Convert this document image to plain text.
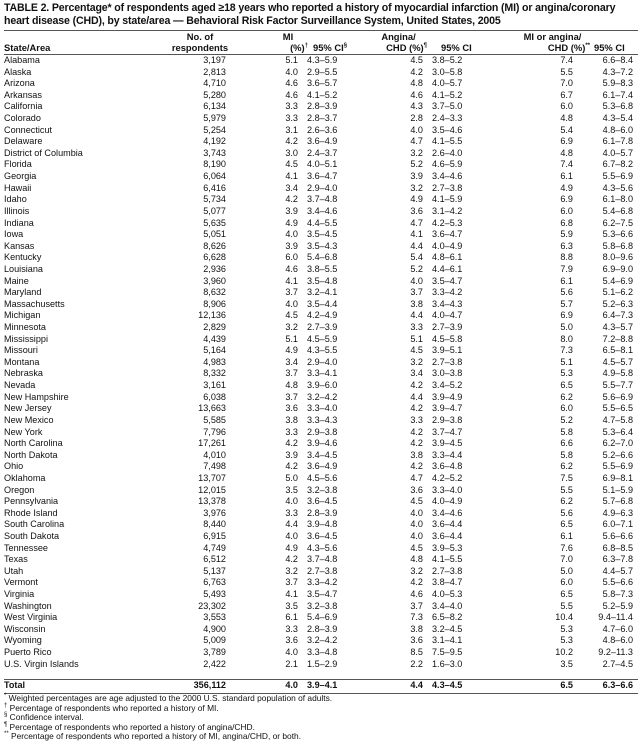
TABLE 2. Percentage* of respondents aged ≥18 years who reported a history of myocardial infarction (MI) or angina/coronary heart disease (CHD), by state/area — Behavioral Risk Factor Surveillance System, United States, 2005
State/Area
No. of
respondents
MI
(%)† 95% CI§
Angina/
CHD (%)¶ 95% CI
MI or angina/
CHD (%)** 95% CI
Alabama	3,197	5.1 4.3–5.9	4.5 3.8–5.2	7.4	6.6–8.4
Alaska	2,813	4.0 2.9–5.5	4.2 3.0–5.8	5.5	4.3–7.2
Arizona	4,710	4.6 3.6–5.7	4.8 4.0–5.7	7.0	5.9–8.3
Arkansas	5,280	4.6 4.1–5.2	4.6 4.1–5.2	6.7	6.1–7.4
California	6,134	3.3 2.8–3.9	4.3 3.7–5.0	6.0	5.3–6.8
Colorado	5,979	3.3 2.8–3.7	2.8 2.4–3.3	4.8	4.3–5.4
Connecticut	5,254	3.1 2.6–3.6	4.0 3.5–4.6	5.4	4.8–6.0
Delaware	4,192	4.2 3.6–4.9	4.7 4.1–5.5	6.9	6.1–7.8
District of Columbia	3,743	3.0 2.4–3.7	3.2 2.6–4.0	4.8	4.0–5.7
Florida	8,190	4.5 4.0–5.1	5.2 4.6–5.9	7.4	6.7–8.2
Georgia	6,064	4.1 3.6–4.7	3.9 3.4–4.6	6.1	5.5–6.9
Hawaii	6,416	3.4 2.9–4.0	3.2 2.7–3.8	4.9	4.3–5.6
Idaho	5,734	4.2 3.7–4.8	4.9 4.1–5.9	6.9	6.1–8.0
Illinois	5,077	3.9 3.4–4.6	3.6 3.1–4.2	6.0	5.4–6.8
Indiana	5,635	4.9 4.4–5.5	4.7 4.2–5.3	6.8	6.2–7.5
Iowa	5,051	4.0 3.5–4.5	4.1 3.6–4.7	5.9	5.3–6.6
Kansas	8,626	3.9 3.5–4.3	4.4 4.0–4.9	6.3	5.8–6.8
Kentucky	6,628	6.0 5.4–6.8	5.4 4.8–6.1	8.8	8.0–9.6
Louisiana	2,936	4.6 3.8–5.5	5.2 4.4–6.1	7.9	6.9–9.0
Maine	3,960	4.1 3.5–4.8	4.0 3.5–4.7	6.1	5.4–6.9
Maryland	8,632	3.7 3.2–4.1	3.7 3.3–4.2	5.6	5.1–6.2
Massachusetts	8,906	4.0 3.5–4.4	3.8 3.4–4.3	5.7	5.2–6.3
Michigan	12,136	4.5 4.2–4.9	4.4 4.0–4.7	6.9	6.4–7.3
Minnesota	2,829	3.2 2.7–3.9	3.3 2.7–3.9	5.0	4.3–5.7
Mississippi	4,439	5.1 4.5–5.9	5.1 4.5–5.8	8.0	7.2–8.8
Missouri	5,164	4.9 4.3–5.5	4.5 3.9–5.1	7.3	6.5–8.1
Montana	4,983	3.4 2.9–4.0	3.2 2.7–3.8	5.1	4.5–5.7
Nebraska	8,332	3.7 3.3–4.1	3.4 3.0–3.8	5.3	4.9–5.8
Nevada	3,161	4.8 3.9–6.0	4.2 3.4–5.2	6.5	5.5–7.7
New Hampshire	6,038	3.7 3.2–4.2	4.4 3.9–4.9	6.2	5.6–6.9
New Jersey	13,663	3.6 3.3–4.0	4.2 3.9–4.7	6.0	5.5–6.5
New Mexico	5,585	3.8 3.3–4.3	3.3 2.9–3.8	5.2	4.7–5.8
New York	7,796	3.3 2.9–3.8	4.2 3.7–4.7	5.8	5.3–6.4
North Carolina	17,261	4.2 3.9–4.6	4.2 3.9–4.5	6.6	6.2–7.0
North Dakota	4,010	3.9 3.4–4.5	3.8 3.3–4.4	5.8	5.2–6.6
Ohio	7,498	4.2 3.6–4.9	4.2 3.6–4.8	6.2	5.5–6.9
Oklahoma	13,707	5.0 4.5–5.6	4.7 4.2–5.2	7.5	6.9–8.1
Oregon	12,015	3.5 3.2–3.8	3.6 3.3–4.0	5.5	5.1–5.9
Pennsylvania	13,378	4.0 3.6–4.5	4.5 4.0–4.9	6.2	5.7–6.8
Rhode Island	3,976	3.3 2.8–3.9	4.0 3.4–4.6	5.6	4.9–6.3
South Carolina	8,440	4.4 3.9–4.8	4.0 3.6–4.4	6.5	6.0–7.1
South Dakota	6,915	4.0 3.6–4.5	4.0 3.6–4.4	6.1	5.6–6.6
Tennessee	4,749	4.9 4.3–5.6	4.5 3.9–5.3	7.6	6.8–8.5
Texas	6,512	4.2 3.7–4.8	4.8 4.1–5.5	7.0	6.3–7.8
Utah	5,137	3.2 2.7–3.8	3.2 2.7–3.8	5.0	4.4–5.7
Vermont	6,763	3.7 3.3–4.2	4.2 3.8–4.7	6.0	5.5–6.6
Virginia	5,493	4.1 3.5–4.7	4.6 4.0–5.3	6.5	5.8–7.3
Washington	23,302	3.5 3.2–3.8	3.7 3.4–4.0	5.5	5.2–5.9
West Virginia	3,553	6.1 5.4–6.9	7.3 6.5–8.2	10.4	9.4–11.4
Wisconsin	4,900	3.3 2.8–3.9	3.8 3.2–4.5	5.3	4.7–6.0
Wyoming	5,009	3.6 3.2–4.2	3.6 3.1–4.1	5.3	4.8–6.0
Puerto Rico	3,789	4.0 3.3–4.8	8.5 7.5–9.5	10.2	9.2–11.3
U.S. Virgin Islands	2,422	2.1 1.5–2.9	2.2 1.6–3.0	3.5	2.7–4.5
Total	356,112	4.0 3.9–4.1	4.4 4.3–4.5	6.5	6.3–6.6
* Weighted percentages are age adjusted to the 2000 U.S. standard population of adults.
† Percentage of respondents who reported a history of MI.
§ Confidence interval.
¶ Percentage of respondents who reported a history of angina/CHD.
** Percentage of respondents who reported a history of MI, angina/CHD, or both.
